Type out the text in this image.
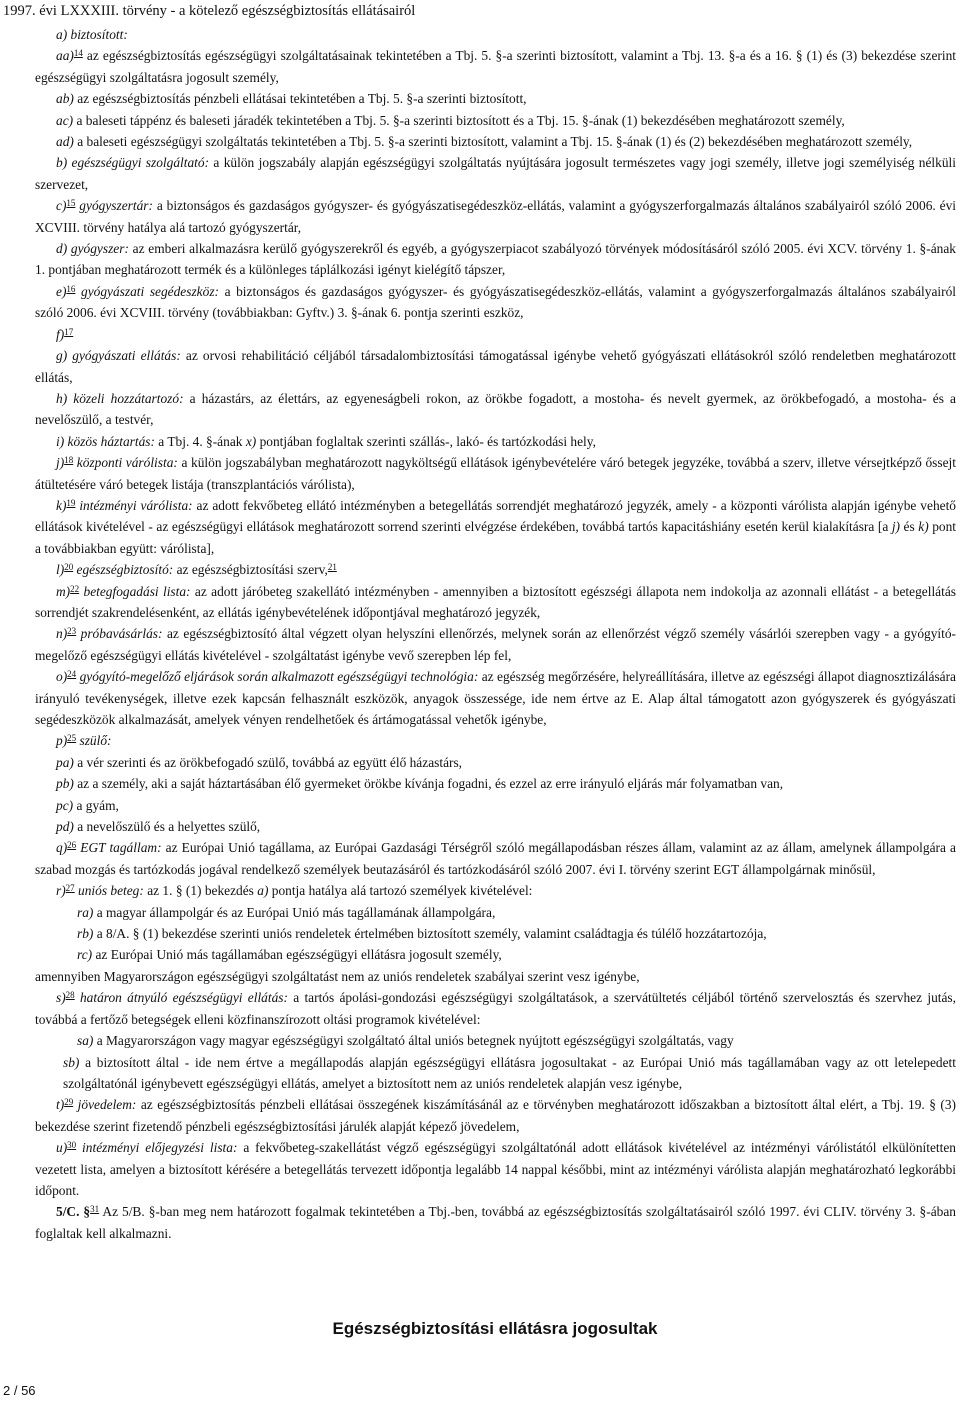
1997. évi LXXXIII. törvény - a kötelező egészségbiztosítás ellátásairól

a) biztosított:

aa)$^{14}$ az egészségbiztosítás egészségügyi szolgáltatásainak tekintetében a Tbj. 5. §-a szerinti biztosított, valamint a Tbj. 13. §-a és a 16. § (1) és (3) bekezdése szerint egészségügyi szolgáltatásra jogosult személy,

ab) az egészségbiztosítás pénzbeli ellátásai tekintetében a Tbj. 5. §-a szerinti biztosított,

ac) a baleseti táppénz és baleseti járadék tekintetében a Tbj. 5. §-a szerinti biztosított és a Tbj. 15. §-ának (1) bekezdésében meghatározott személy,

ad) a baleseti egészségügyi szolgáltatás tekintetében a Tbj. 5. §-a szerinti biztosított, valamint a Tbj. 15. §-ának (1) és (2) bekezdésében meghatározott személy,

b) egészségügyi szolgáltató: a külön jogszabály alapján egészségügyi szolgáltatás nyújtására jogosult természetes vagy jogi személy, illetve jogi személyiség nélküli szervezet,

c)$^{15}$ gyógyszertár: a biztonságos és gazdaságos gyógyszer- és gyógyászatisegédeszköz-ellátás, valamint a gyógyszerforgalmazás általános szabályairól szóló 2006. évi XCVIII. törvény hatálya alá tartozó gyógyszertár,

d) gyógyszer: az emberi alkalmazásra kerülő gyógyszerekről és egyéb, a gyógyszerpiacot szabályozó törvények módosításáról szóló 2005. évi XCV. törvény 1. §-ának 1. pontjában meghatározott termék és a különleges táplálkozási igényt kielégítő tápszer,

e)$^{16}$ gyógyászati segédeszköz: a biztonságos és gazdaságos gyógyszer- és gyógyászatisegédeszköz-ellátás, valamint a gyógyszerforgalmazás általános szabályairól szóló 2006. évi XCVIII. törvény (továbbiakban: Gyftv.) 3. §-ának 6. pontja szerinti eszköz,

f)$^{17}$

g) gyógyászati ellátás: az orvosi rehabilitáció céljából társadalombiztosítási támogatással igénybe vehető gyógyászati ellátásokról szóló rendeletben meghatározott ellátás,

h) közeli hozzátartozó: a házastárs, az élettárs, az egyeneságbeli rokon, az örökbe fogadott, a mostoha- és nevelt gyermek, az örökbefogadó, a mostoha- és a nevelőszülő, a testvér,

i) közös háztartás: a Tbj. 4. §-ának x) pontjában foglaltak szerinti szállás-, lakó- és tartózkodási hely,

j)$^{18}$ központi várólista: a külön jogszabályban meghatározott nagyköltségű ellátások igénybevételére váró betegek jegyzéke, továbbá a szerv, illetve vérsejtképző őssejt átültetésére váró betegek listája (transzplantációs várólista),

k)$^{19}$ intézményi várólista: az adott fekvőbeteg ellátó intézményben a betegellátás sorrendjét meghatározó jegyzék, amely - a központi várólista alapján igénybe vehető ellátások kivételével - az egészségügyi ellátások meghatározott sorrend szerinti elvégzése érdekében, továbbá tartós kapacitáshiány esetén kerül kialakításra [a j) és k) pont a továbbiakban együtt: várólista],

l)$^{20}$ egészségbiztosító: az egészségbiztosítási szerv,$^{21}$

m)$^{22}$ betegfogadási lista: az adott járóbeteg szakellátó intézményben - amennyiben a biztosított egészségi állapota nem indokolja az azonnali ellátást - a betegellátás sorrendjét szakrendelésenként, az ellátás igénybevételének időpontjával meghatározó jegyzék,

n)$^{23}$ próbavásárlás: az egészségbiztosító által végzett olyan helyszíni ellenőrzés, melynek során az ellenőrzést végző személy vásárlói szerepben vagy - a gyógyító-megelőző egészségügyi ellátás kivételével - szolgáltatást igénybe vevő szerepben lép fel,

o)$^{24}$ gyógyító-megelőző eljárások során alkalmazott egészségügyi technológia: az egészség megőrzésére, helyreállítására, illetve az egészségi állapot diagnosztizálására irányuló tevékenységek, illetve ezek kapcsán felhasznált eszközök, anyagok összessége, ide nem értve az E. Alap által támogatott azon gyógyszerek és gyógyászati segédeszközök alkalmazását, amelyek vényen rendelhetőek és ártámogatással vehetők igénybe,

p)$^{25}$ szülő:

pa) a vér szerinti és az örökbefogadó szülő, továbbá az együtt élő házastárs,

pb) az a személy, aki a saját háztartásában élő gyermeket örökbe kívánja fogadni, és ezzel az erre irányuló eljárás már folyamatban van,

pc) a gyám,

pd) a nevelőszülő és a helyettes szülő,

q)$^{26}$ EGT tagállam: az Európai Unió tagállama, az Európai Gazdasági Térségről szóló megállapodásban részes állam, valamint az az állam, amelynek állampolgára a szabad mozgás és tartózkodás jogával rendelkező személyek beutazásáról és tartózkodásáról szóló 2007. évi I. törvény szerint EGT állampolgárnak minősül,

r)$^{27}$ uniós beteg: az 1. § (1) bekezdés a) pontja hatálya alá tartozó személyek kivételével:

ra) a magyar állampolgár és az Európai Unió más tagállamának állampolgára,

rb) a 8/A. § (1) bekezdése szerinti uniós rendeletek értelmében biztosított személy, valamint családtagja és túlélő hozzátartozója,

rc) az Európai Unió más tagállamában egészségügyi ellátásra jogosult személy,

amennyiben Magyarországon egészségügyi szolgáltatást nem az uniós rendeletek szabályai szerint vesz igénybe,

s)$^{28}$ határon átnyúló egészségügyi ellátás: a tartós ápolási-gondozási egészségügyi szolgáltatások, a szervátültetés céljából történő szervelosztás és szervhez jutás, továbbá a fertőző betegségek elleni közfinanszírozott oltási programok kivételével:

sa) a Magyarországon vagy magyar egészségügyi szolgáltató által uniós betegnek nyújtott egészségügyi szolgáltatás, vagy

sb) a biztosított által - ide nem értve a megállapodás alapján egészségügyi ellátásra jogosultakat - az Európai Unió más tagállamában vagy az ott letelepedett szolgáltatónál igénybevett egészségügyi ellátás, amelyet a biztosított nem az uniós rendeletek alapján vesz igénybe,

t)$^{29}$ jövedelem: az egészségbiztosítás pénzbeli ellátásai összegének kiszámításánál az e törvényben meghatározott időszakban a biztosított által elért, a Tbj. 19. § (3) bekezdése szerint fizetendő pénzbeli egészségbiztosítási járulék alapját képező jövedelem,

u)$^{30}$ intézményi előjegyzési lista: a fekvőbeteg-szakellátást végző egészségügyi szolgáltatónál adott ellátások kivételével az intézményi várólistától elkülönítetten vezetett lista, amelyen a biztosított kérésére a betegellátás tervezett időpontja legalább 14 nappal későbbi, mint az intézményi várólista alapján meghatározható legkorábbi időpont.

5/C. §$^{31}$ Az 5/B. §-ban meg nem határozott fogalmak tekintetében a Tbj.-ben, továbbá az egészségbiztosítás szolgáltatásairól szóló 1997. évi CLIV. törvény 3. §-ában foglaltak kell alkalmazni.

Egészségbiztosítási ellátásra jogosultak
2 / 56
